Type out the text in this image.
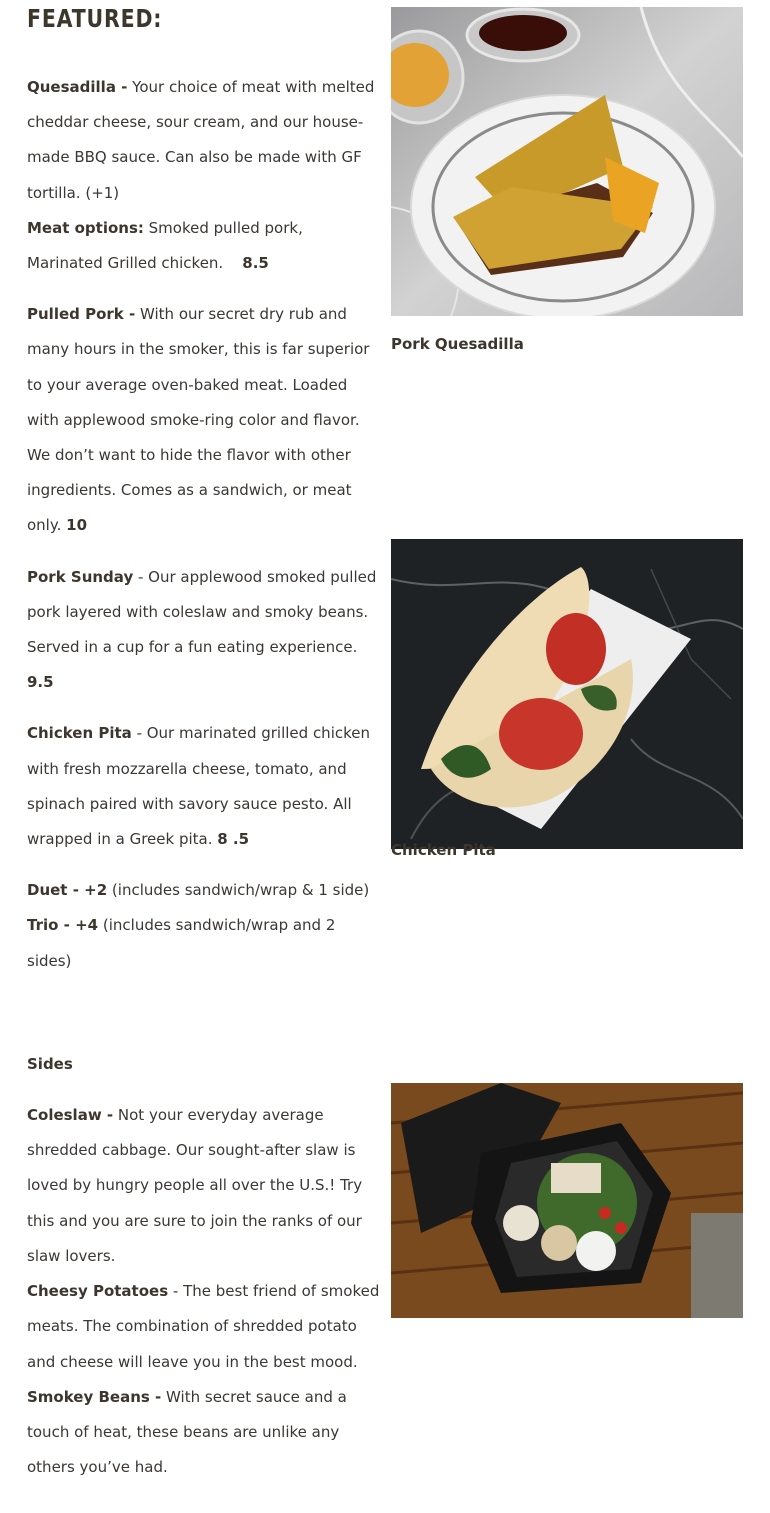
FEATURED:

Quesadilla - Your choice of meat with melted cheddar cheese, sour cream, and our house-made BBQ sauce. Can also be made with GF tortilla. (+1)

Meat options: Smoked pulled pork, Marinated Grilled chicken.    8.5

Pulled Pork - With our secret dry rub and many hours in the smoker, this is far superior to your average oven-baked meat. Loaded with applewood smoke-ring color and flavor. We don’t want to hide the flavor with other ingredients. Comes as a sandwich, or meat only. 10

Pork Sunday - Our applewood smoked pulled pork layered with coleslaw and smoky beans. Served in a cup for a fun eating experience. 9.5

Chicken Pita - Our marinated grilled chicken with fresh mozzarella cheese, tomato, and spinach paired with savory sauce pesto. All wrapped in a Greek pita. 8 .5

Duet - +2 (includes sandwich/wrap & 1 side)

Trio - +4 (includes sandwich/wrap and 2 sides)

Sides

Coleslaw - Not your everyday average shredded cabbage. Our sought-after slaw is loved by hungry people all over the U.S.! Try this and you are sure to join the ranks of our slaw lovers.

Cheesy Potatoes - The best friend of smoked meats. The combination of shredded potato and cheese will leave you in the best mood.

Smokey Beans - With secret sauce and a touch of heat, these beans are unlike any others you’ve had.

Pork Quesadilla
Chicken Pita
